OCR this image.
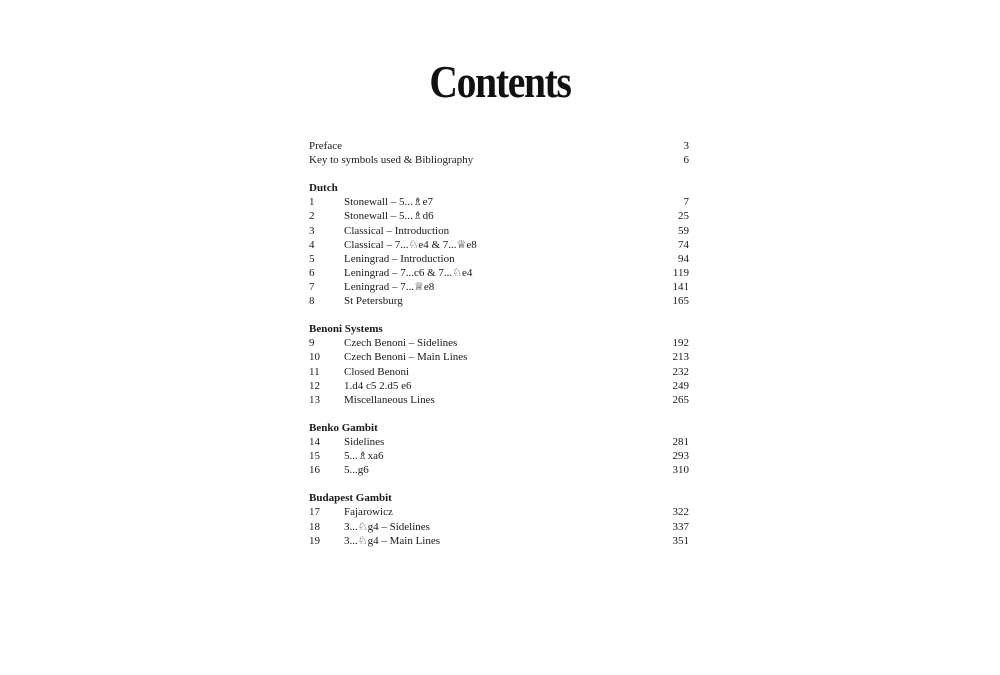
Contents
Preface	3
Key to symbols used & Bibliography	6
Dutch
1	Stonewall – 5...♗e7	7
2	Stonewall – 5...♗d6	25
3	Classical – Introduction	59
4	Classical – 7...♘e4 & 7...♕e8	74
5	Leningrad – Introduction	94
6	Leningrad – 7...c6 & 7...♘e4	119
7	Leningrad – 7...♕e8	141
8	St Petersburg	165
Benoni Systems
9	Czech Benoni – Sidelines	192
10	Czech Benoni – Main Lines	213
11	Closed Benoni	232
12	1.d4 c5 2.d5 e6	249
13	Miscellaneous Lines	265
Benko Gambit
14	Sidelines	281
15	5...♗xa6	293
16	5...g6	310
Budapest Gambit
17	Fajarowicz	322
18	3...♘g4 – Sidelines	337
19	3...♘g4 – Main Lines	351
